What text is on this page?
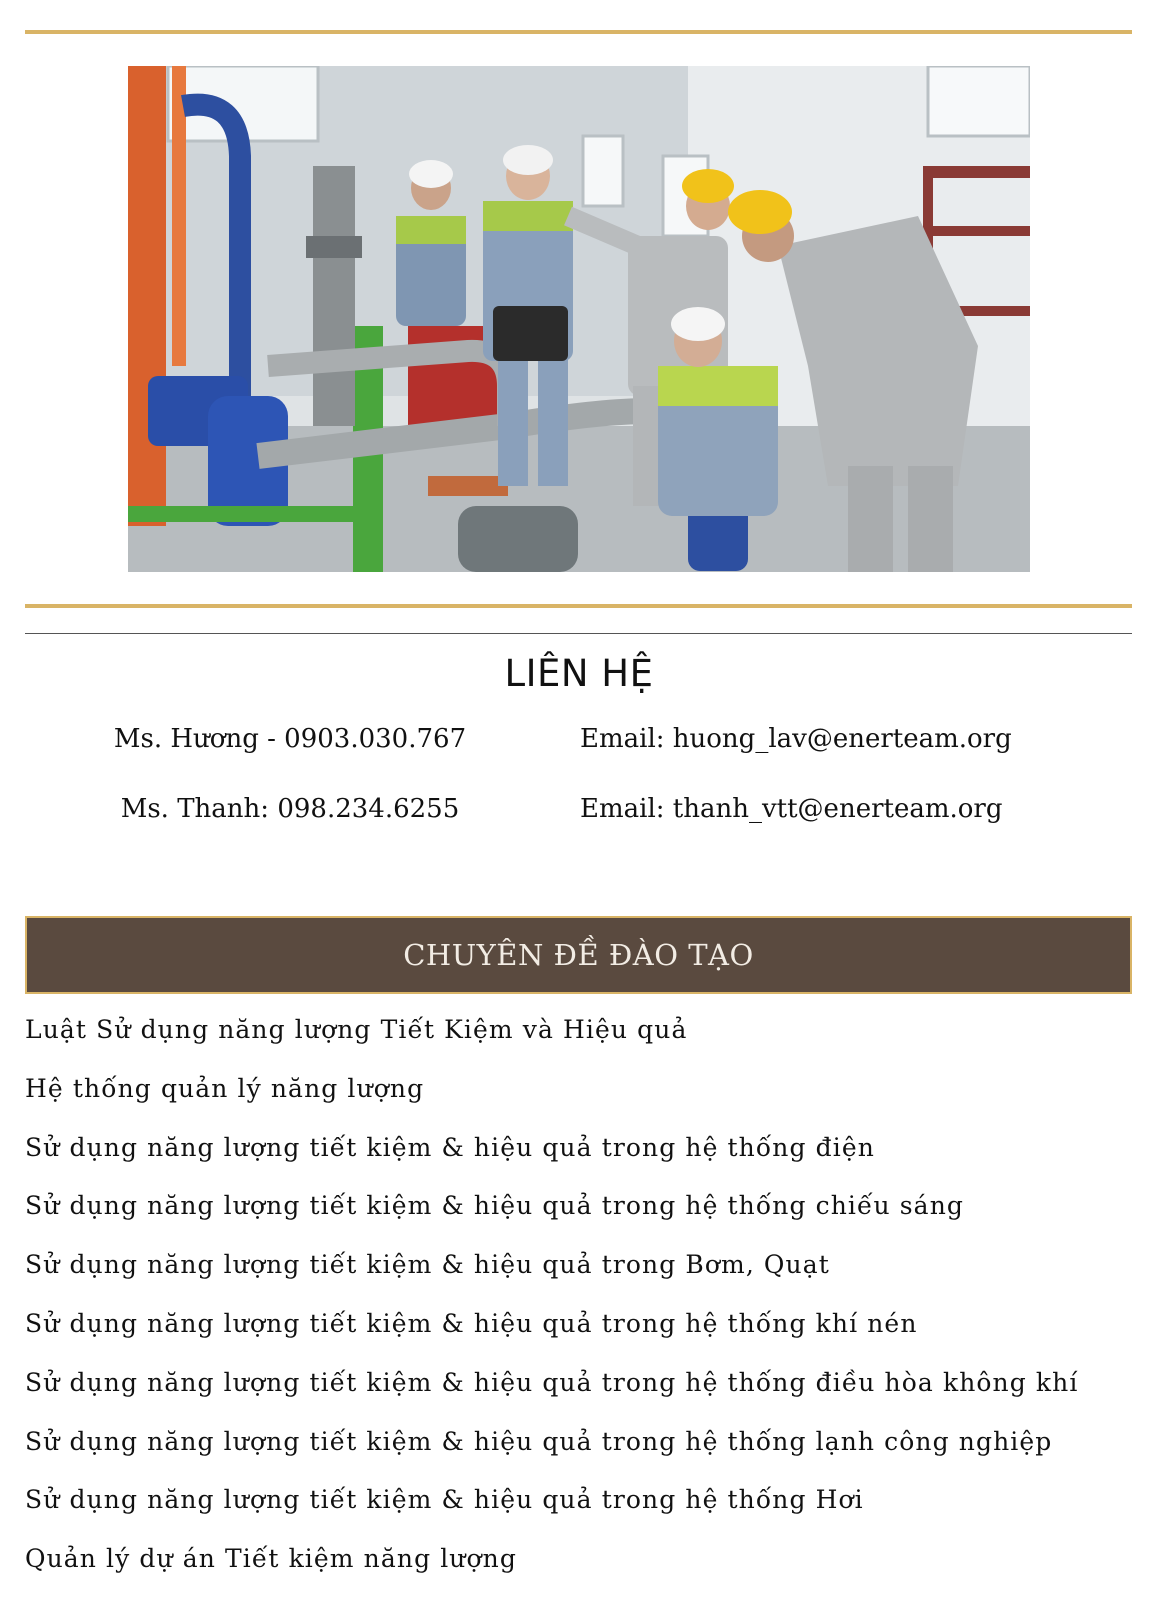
LIÊN HỆ
Ms. Hương - 0903.030.767	Email: huong_lav@enerteam.org
Ms. Thanh: 098.234.6255	Email: thanh_vtt@enerteam.org
CHUYÊN ĐỀ ĐÀO TẠO
Luật Sử dụng năng lượng Tiết Kiệm và Hiệu quả
Hệ thống quản lý năng lượng
Sử dụng năng lượng tiết kiệm & hiệu quả trong hệ thống điện
Sử dụng năng lượng tiết kiệm & hiệu quả trong hệ thống chiếu sáng
Sử dụng năng lượng tiết kiệm & hiệu quả trong Bơm, Quạt
Sử dụng năng lượng tiết kiệm & hiệu quả trong hệ thống khí nén
Sử dụng năng lượng tiết kiệm & hiệu quả trong hệ thống điều hòa không khí
Sử dụng năng lượng tiết kiệm & hiệu quả trong hệ thống lạnh công nghiệp
Sử dụng năng lượng tiết kiệm & hiệu quả trong hệ thống Hơi
Quản lý dự án Tiết kiệm năng lượng
